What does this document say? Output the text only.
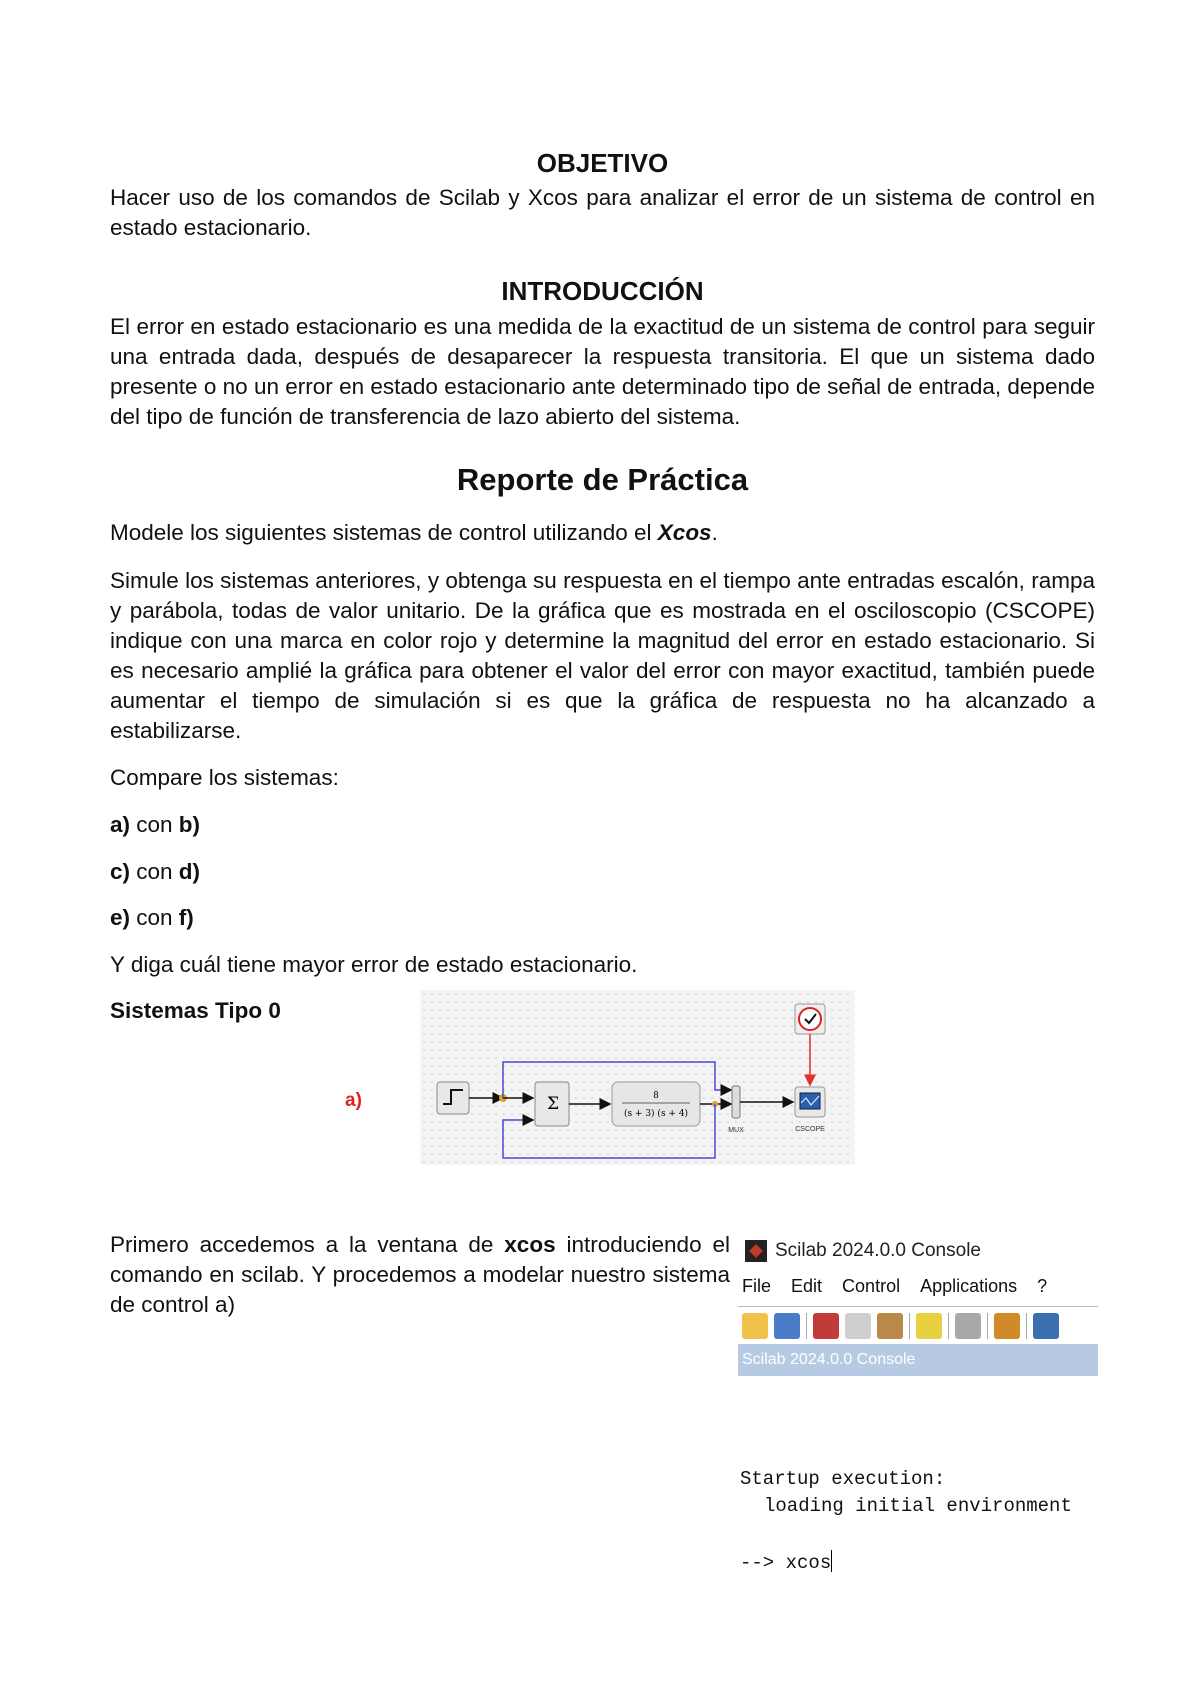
OBJETIVO

Hacer uso de los comandos de Scilab y Xcos para analizar el error de un sistema de control en estado estacionario.

INTRODUCCIÓN

El error en estado estacionario es una medida de la exactitud de un sistema de control para seguir una entrada dada, después de desaparecer la respuesta transitoria. El que un sistema dado presente o no un error en estado estacionario ante determinado tipo de señal de entrada, depende del tipo de función de transferencia de lazo abierto del sistema.

Reporte de Práctica

Modele los siguientes sistemas de control utilizando el Xcos.

Simule los sistemas anteriores, y obtenga su respuesta en el tiempo ante entradas escalón, rampa y parábola, todas de valor unitario. De la gráfica que es mostrada en el osciloscopio (CSCOPE) indique con una marca en color rojo y determine la magnitud del error en estado estacionario. Si es necesario amplié la gráfica para obtener el valor del error con mayor exactitud, también puede aumentar el tiempo de simulación si es que la gráfica de respuesta no ha alcanzado a estabilizarse.

Compare los sistemas:

a) con b)

c) con d)

e) con f)

Y diga cuál tiene mayor error de estado estacionario.

Sistemas Tipo 0

Primero accedemos a la ventana de xcos introduciendo el comando en scilab. Y procedemos a modelar nuestro sistema de control a)

a)	Σ	8
(s + 3) (s + 4)
MUX	CSCOPE
Scilab 2024.0.0 Console
File Edit Control Applications ?
Scilab 2024.0.0 Console
Startup execution:
loading initial environment
--> xcos
